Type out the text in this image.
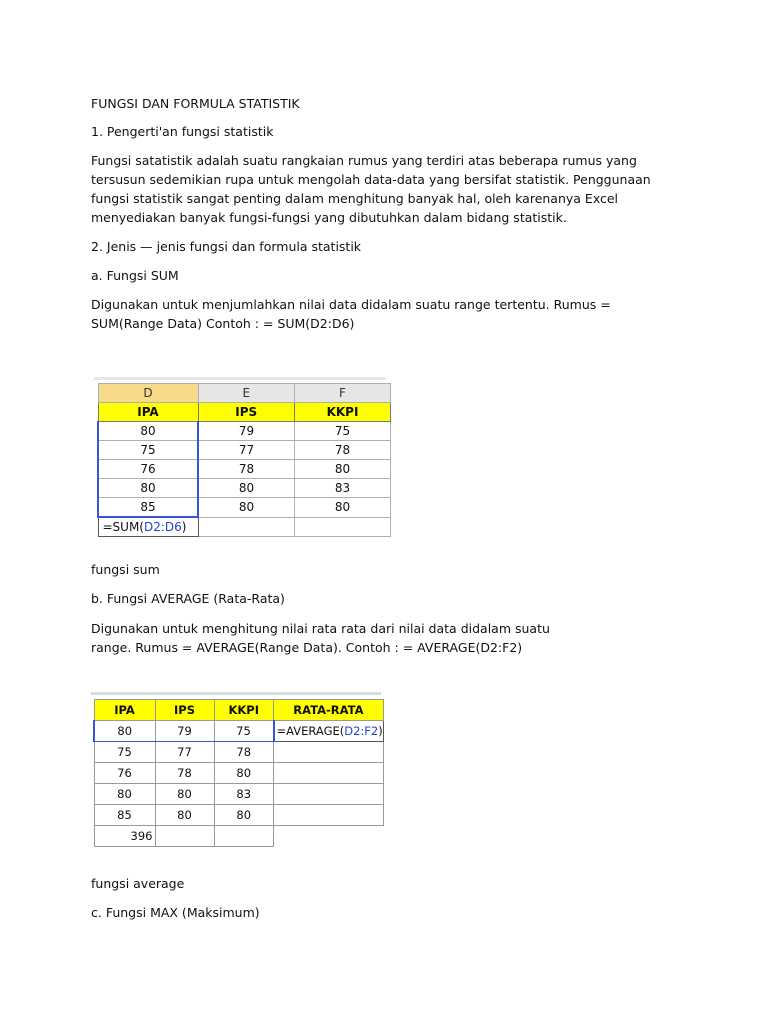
FUNGSI DAN FORMULA STATISTIK

1. Pengerti'an fungsi statistik

Fungsi satatistik adalah suatu rangkaian rumus yang terdiri atas beberapa rumus yang tersusun sedemikian rupa untuk mengolah data-data yang bersifat statistik. Penggunaan fungsi statistik sangat penting dalam menghitung banyak hal, oleh karenanya Excel menyediakan banyak fungsi-fungsi yang dibutuhkan dalam bidang statistik.

2. Jenis — jenis fungsi dan formula statistik

a. Fungsi SUM

Digunakan untuk menjumlahkan nilai data didalam suatu range tertentu. Rumus = SUM(Range Data) Contoh : = SUM(D2:D6)

D	E	F
IPA	IPS	KKPI
80	79	75
75	77	78
76	78	80
80	80	83
85	80	80
=SUM(D2:D6)		

fungsi sum

b. Fungsi AVERAGE (Rata-Rata)

Digunakan untuk menghitung nilai rata rata dari nilai data didalam suatu range. Rumus = AVERAGE(Range Data). Contoh : = AVERAGE(D2:F2)

IPA	IPS	KKPI	RATA-RATA
80	79	75	=AVERAGE(D2:F2)
75	77	78	
76	78	80	
80	80	83	
85	80	80	
396			

fungsi average

c. Fungsi MAX (Maksimum)
